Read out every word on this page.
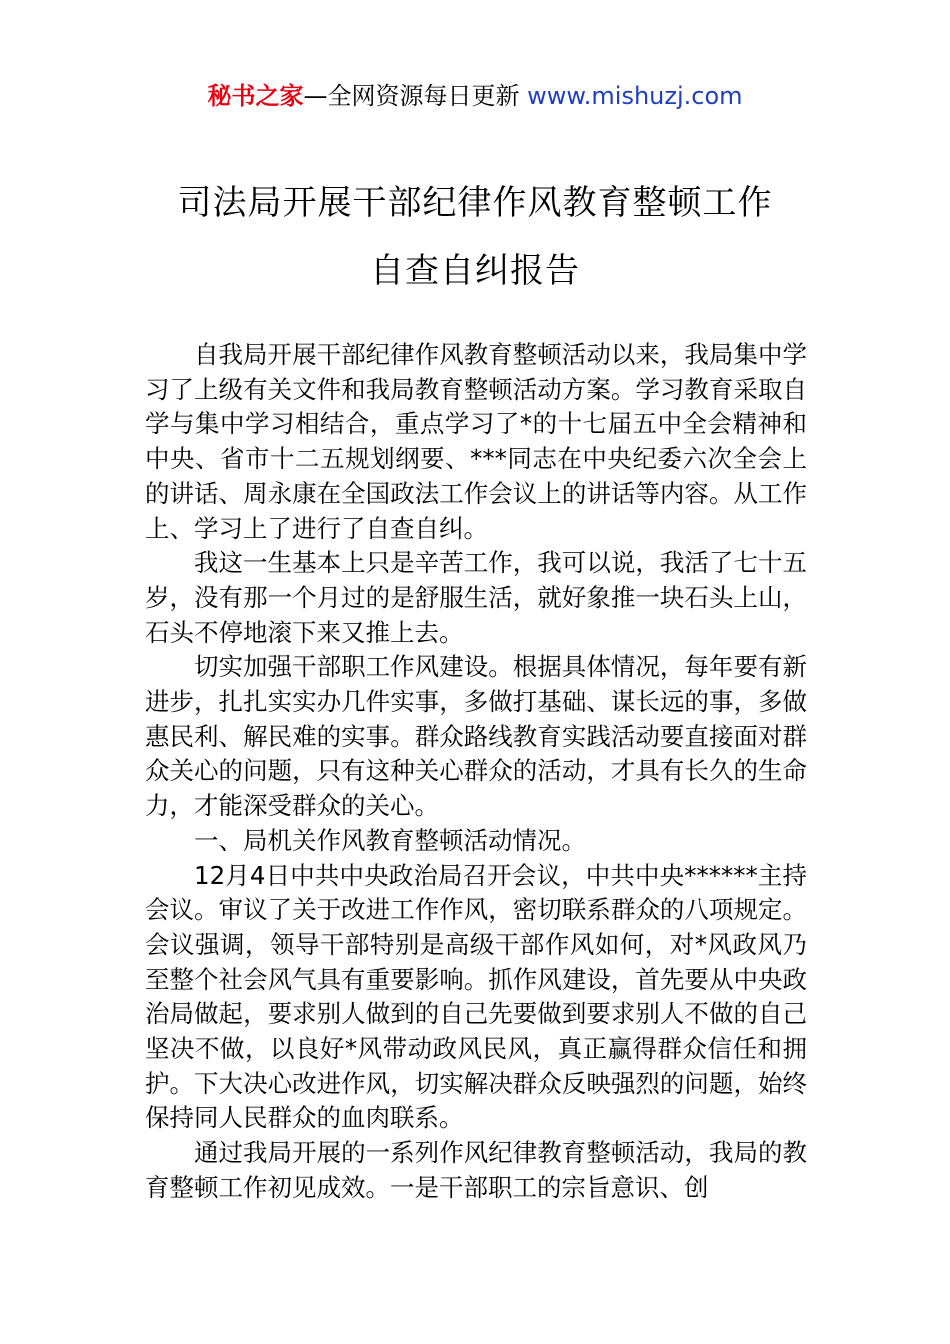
秘书之家—全网资源每日更新 www.mishuzj.com
司法局开展干部纪律作风教育整顿工作
自查自纠报告

自我局开展干部纪律作风教育整顿活动以来，我局集中学习了上级有关文件和我局教育整顿活动方案。学习教育采取自学与集中学习相结合，重点学习了*的十七届五中全会精神和中央、省市十二五规划纲要、***同志在中央纪委六次全会上的讲话、周永康在全国政法工作会议上的讲话等内容。从工作上、学习上了进行了自查自纠。

我这一生基本上只是辛苦工作，我可以说，我活了七十五岁，没有那一个月过的是舒服生活，就好象推一块石头上山，石头不停地滚下来又推上去。

切实加强干部职工作风建设。根据具体情况，每年要有新进步，扎扎实实办几件实事，多做打基础、谋长远的事，多做惠民利、解民难的实事。群众路线教育实践活动要直接面对群众关心的问题，只有这种关心群众的活动，才具有长久的生命力，才能深受群众的关心。

一、局机关作风教育整顿活动情况。

12月4日中共中央政治局召开会议，中共中央******主持会议。审议了关于改进工作作风，密切联系群众的八项规定。会议强调，领导干部特别是高级干部作风如何，对*风政风乃至整个社会风气具有重要影响。抓作风建设，首先要从中央政治局做起，要求别人做到的自己先要做到要求别人不做的自己坚决不做，以良好*风带动政风民风，真正赢得群众信任和拥护。下大决心改进作风，切实解决群众反映强烈的问题，始终保持同人民群众的血肉联系。

通过我局开展的一系列作风纪律教育整顿活动，我局的教育整顿工作初见成效。一是干部职工的宗旨意识、创
